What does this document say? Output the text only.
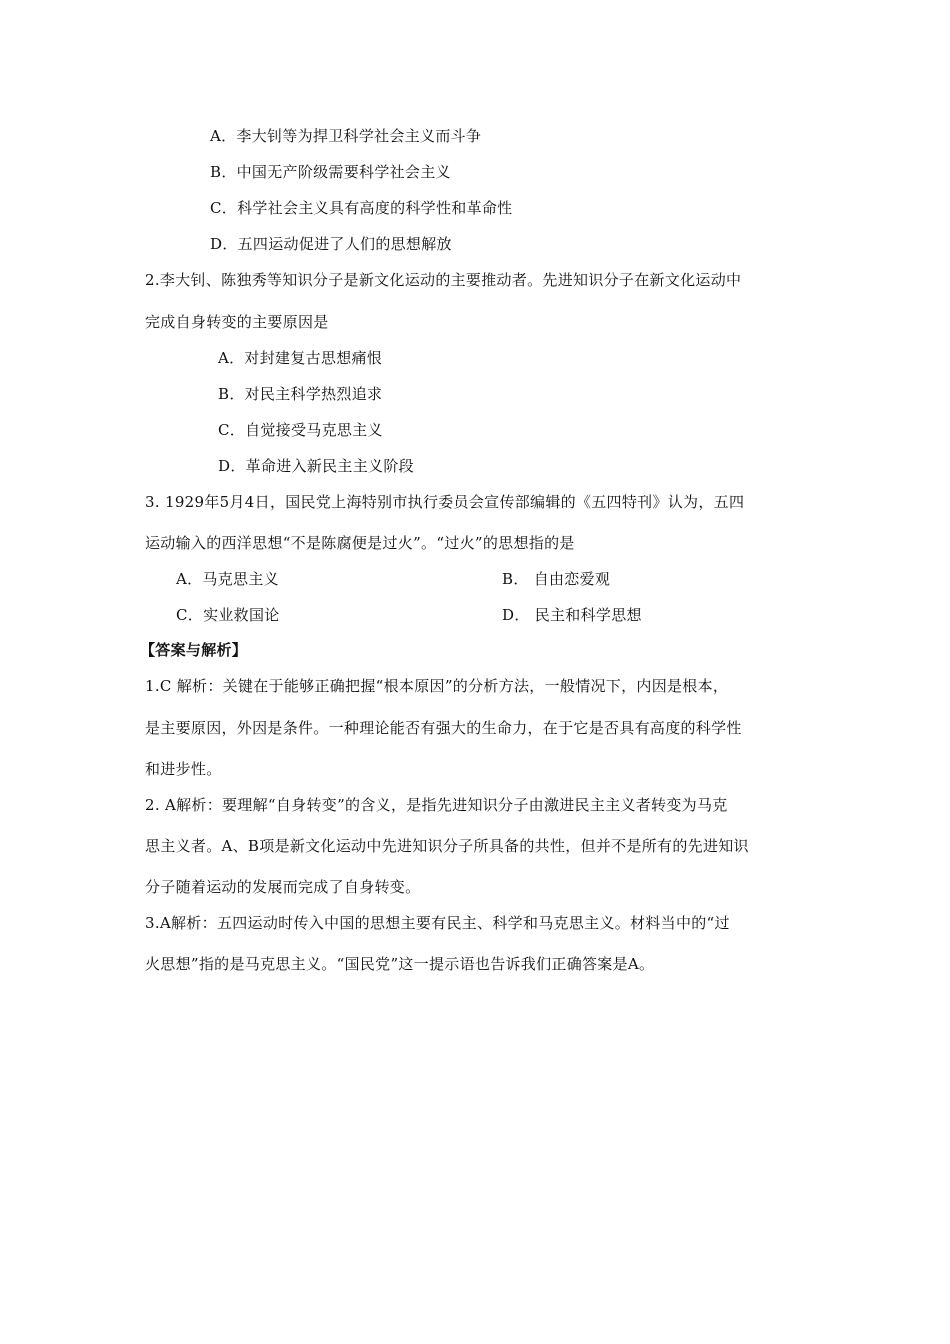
A．李大钊等为捍卫科学社会主义而斗争
B．中国无产阶级需要科学社会主义
C．科学社会主义具有高度的科学性和革命性
D．五四运动促进了人们的思想解放
2.李大钊、陈独秀等知识分子是新文化运动的主要推动者。先进知识分子在新文化运动中
完成自身转变的主要原因是
A．对封建复古思想痛恨
B．对民主科学热烈追求
C．自觉接受马克思主义
D．革命进入新民主主义阶段
3. 1929年5月4日，国民党上海特别市执行委员会宣传部编辑的《五四特刊》认为，五四
运动输入的西洋思想“不是陈腐便是过火”。“过火”的思想指的是
A．马克思主义	B． 自由恋爱观
C．实业救国论	D． 民主和科学思想
【答案与解析】
1.C 解析：关键在于能够正确把握“根本原因”的分析方法，一般情况下，内因是根本，
是主要原因，外因是条件。一种理论能否有强大的生命力，在于它是否具有高度的科学性
和进步性。
2. A解析：要理解“自身转变”的含义，是指先进知识分子由激进民主主义者转变为马克
思主义者。A、B项是新文化运动中先进知识分子所具备的共性，但并不是所有的先进知识
分子随着运动的发展而完成了自身转变。
3.A解析：五四运动时传入中国的思想主要有民主、科学和马克思主义。材料当中的“过
火思想”指的是马克思主义。“国民党”这一提示语也告诉我们正确答案是A。
